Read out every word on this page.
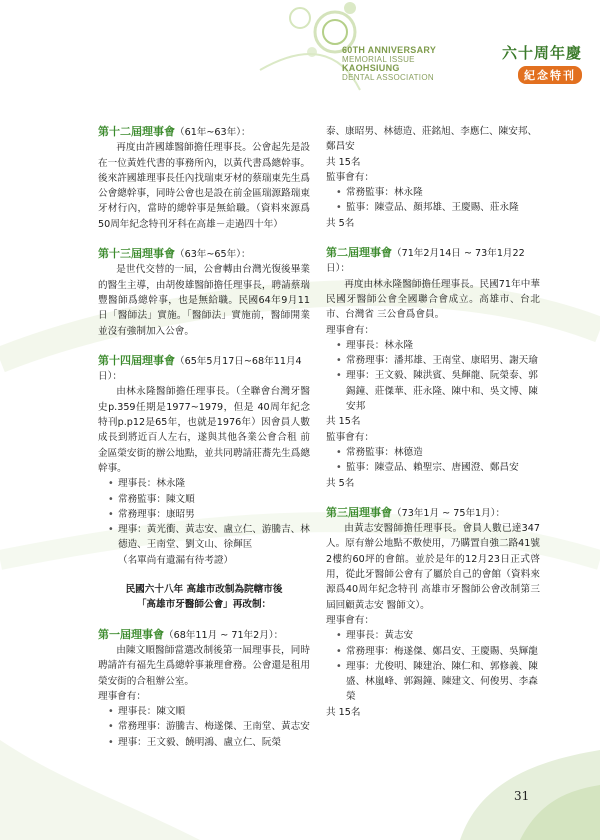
60TH ANNIVERSARY
MEMORIAL ISSUE
KAOHSIUNG
DENTAL ASSOCIATION
六十周年慶
紀念特刊
第十二屆理事會（61年~63年）：
再度由許國雄醫師擔任理事長。公會起先是設在一位黃姓代書的事務所內，以黃代書爲總幹事。後來許國雄理事長任內找瑞東牙材的蔡瑞東先生爲公會總幹事，同時公會也是設在前金區瑞源路瑞東牙材行內，當時的總幹事是無給職。（資料來源爲50周年紀念特刊牙科在高雄－走過四十年）
第十三屆理事會（63年~65年）：
是世代交替的一屆，公會轉由台灣光復後畢業的醫生主導，由胡俊雄醫師擔任理事長，聘請蔡瑞豐醫師爲總幹事，也是無給職。民國64年9月11日「醫師法」實施。「醫師法」實施前，醫師開業並沒有強制加入公會。
第十四屆理事會（65年5月17日~68年11月4日）：
由林永隆醫師擔任理事長。（全聯會台灣牙醫史p.359任期是1977~1979，但是 40周年紀念特刊p.p12是65年，也就是1976年）因會員人數成長到將近百人左右，遂與其他各業公會合租 前金區榮安街的辦公地點，並共同聘請莊蕎先生爲總幹事。
• 理事長：林永隆
• 常務監事：陳文順
• 常務理事：康昭男
• 理事：黃光衝、黃志安、盧立仁、游騰吉、林德造、王南堂、劉文山、徐輝匡
（名單尚有遺漏有待考證）
民國六十八年 高雄市改制為院轄市後
「高雄市牙醫師公會」再改制：
第一屆理事會（68年11月 ~ 71年2月）：
由陳文順醫師當選改制後第一屆理事長，同時聘請許有福先生爲總幹事兼理會務。公會還是租用榮安街的合租辦公室。
理事會有：
• 理事長：陳文順
• 常務理事：游騰吉、梅遂傑、王南堂、黃志安
• 理事：王文毅、饒明鴻、盧立仁、阮榮
泰、康昭男、林德造、莊銘旭、李應仁、陳安邦、鄭昌安
共 15名
監事會有：
• 常務監事：林永隆
• 監事：陳壹品、顏邦雄、王慶賜、莊永隆
共 5名
第二屆理事會（71年2月14日 ~ 73年1月22日）：
再度由林永隆醫師擔任理事長。民國71年中華民國牙醫師公會全國聯合會成立。高雄市、台北市、台灣省 三公會爲會員。
理事會有：
• 理事長：林永隆
• 常務理事：潘邦雄、王南堂、康昭男、謝天瑜
• 理事：王文毅、陳洪賓、吳輝龍、阮榮泰、郭錫鐘、莊傑華、莊永隆、陳中和、吳文博、陳安邦
共 15名
監事會有：
• 常務監事：林德造
• 監事：陳壹品、賴聖宗、唐國澄、鄭昌安
共 5名
第三屆理事會（73年1月 ~ 75年1月）：
由黃志安醫師擔任理事長。會員人數已達347人。原有辦公地點不敷使用，乃購置自強二路41號2樓約60坪的會館。並於是年的12月23日正式啓用，從此牙醫師公會有了屬於自己的會館（資料來源爲40周年紀念特刊 高雄市牙醫師公會改制第三屆回顧黃志安 醫師文）。
理事會有：
• 理事長：黃志安
• 常務理事：梅遂傑、鄭昌安、王慶賜、吳輝龍
• 理事：尤俊明、陳建治、陳仁和、郭修義、陳盛、林嵐峰、郭錫鐘、陳建文、何俊男、李森榮
共 15名
31
